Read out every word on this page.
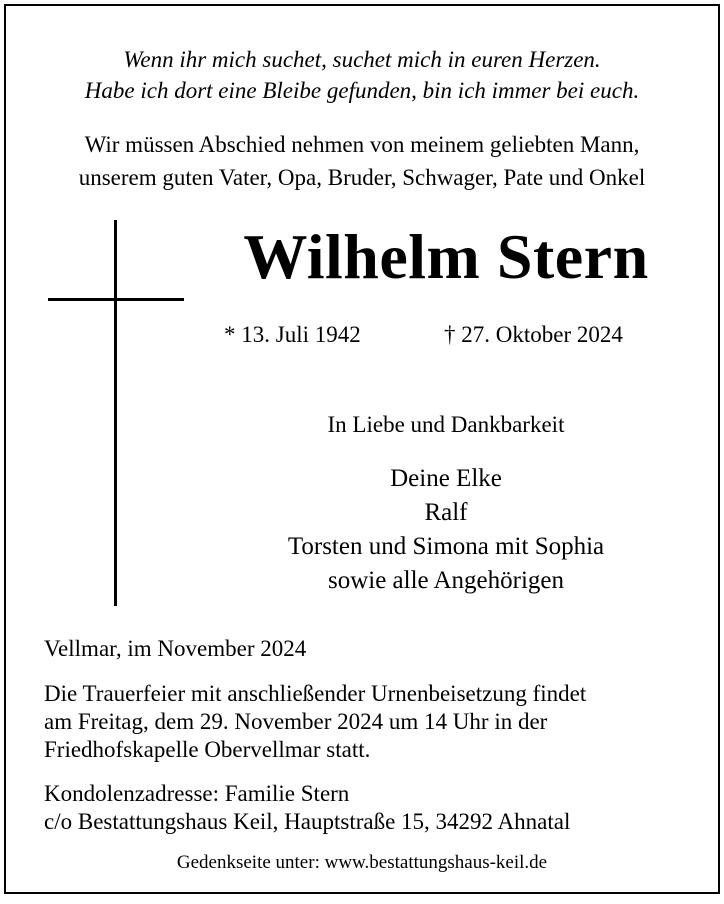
Wenn ihr mich suchet, suchet mich in euren Herzen.
Habe ich dort eine Bleibe gefunden, bin ich immer bei euch.
Wir müssen Abschied nehmen von meinem geliebten Mann,
unserem guten Vater, Opa, Bruder, Schwager, Pate und Onkel
Wilhelm Stern
* 13. Juli 1942	† 27. Oktober 2024
In Liebe und Dankbarkeit
Deine Elke
Ralf
Torsten und Simona mit Sophia
sowie alle Angehörigen
Vellmar, im November 2024
Die Trauerfeier mit anschließender Urnenbeisetzung findet
am Freitag, dem 29. November 2024 um 14 Uhr in der
Friedhofskapelle Obervellmar statt.
Kondolenzadresse: Familie Stern
c/o Bestattungshaus Keil, Hauptstraße 15, 34292 Ahnatal
Gedenkseite unter: www.bestattungshaus-keil.de
